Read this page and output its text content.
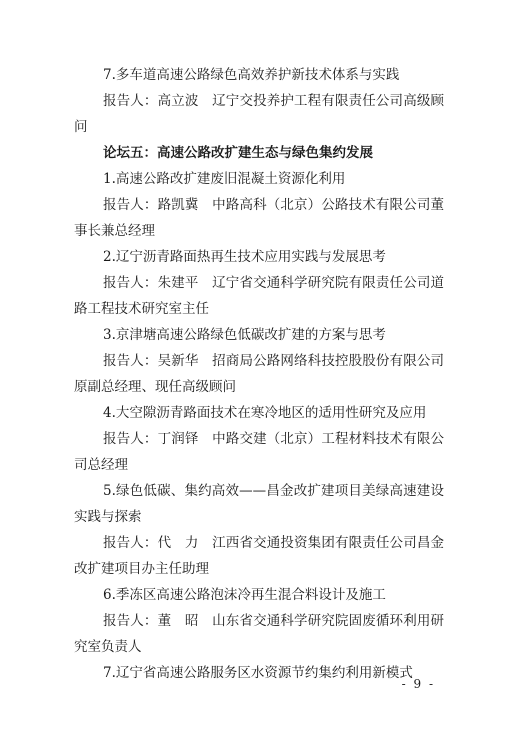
7.多车道高速公路绿色高效养护新技术体系与实践

报告人：高立波　辽宁交投养护工程有限责任公司高级顾问

论坛五：高速公路改扩建生态与绿色集约发展

1.高速公路改扩建废旧混凝土资源化利用

报告人：路凯冀　中路高科（北京）公路技术有限公司董事长兼总经理

2.辽宁沥青路面热再生技术应用实践与发展思考

报告人：朱建平　辽宁省交通科学研究院有限责任公司道路工程技术研究室主任

3.京津塘高速公路绿色低碳改扩建的方案与思考

报告人：吴新华　招商局公路网络科技控股股份有限公司原副总经理、现任高级顾问

4.大空隙沥青路面技术在寒冷地区的适用性研究及应用

报告人：丁润铎　中路交建（北京）工程材料技术有限公司总经理

5.绿色低碳、集约高效——昌金改扩建项目美绿高速建设实践与探索

报告人：代　力　江西省交通投资集团有限责任公司昌金改扩建项目办主任助理

6.季冻区高速公路泡沫冷再生混合料设计及施工

报告人：董　昭　山东省交通科学研究院固废循环利用研究室负责人

7.辽宁省高速公路服务区水资源节约集约利用新模式

- 9 -
